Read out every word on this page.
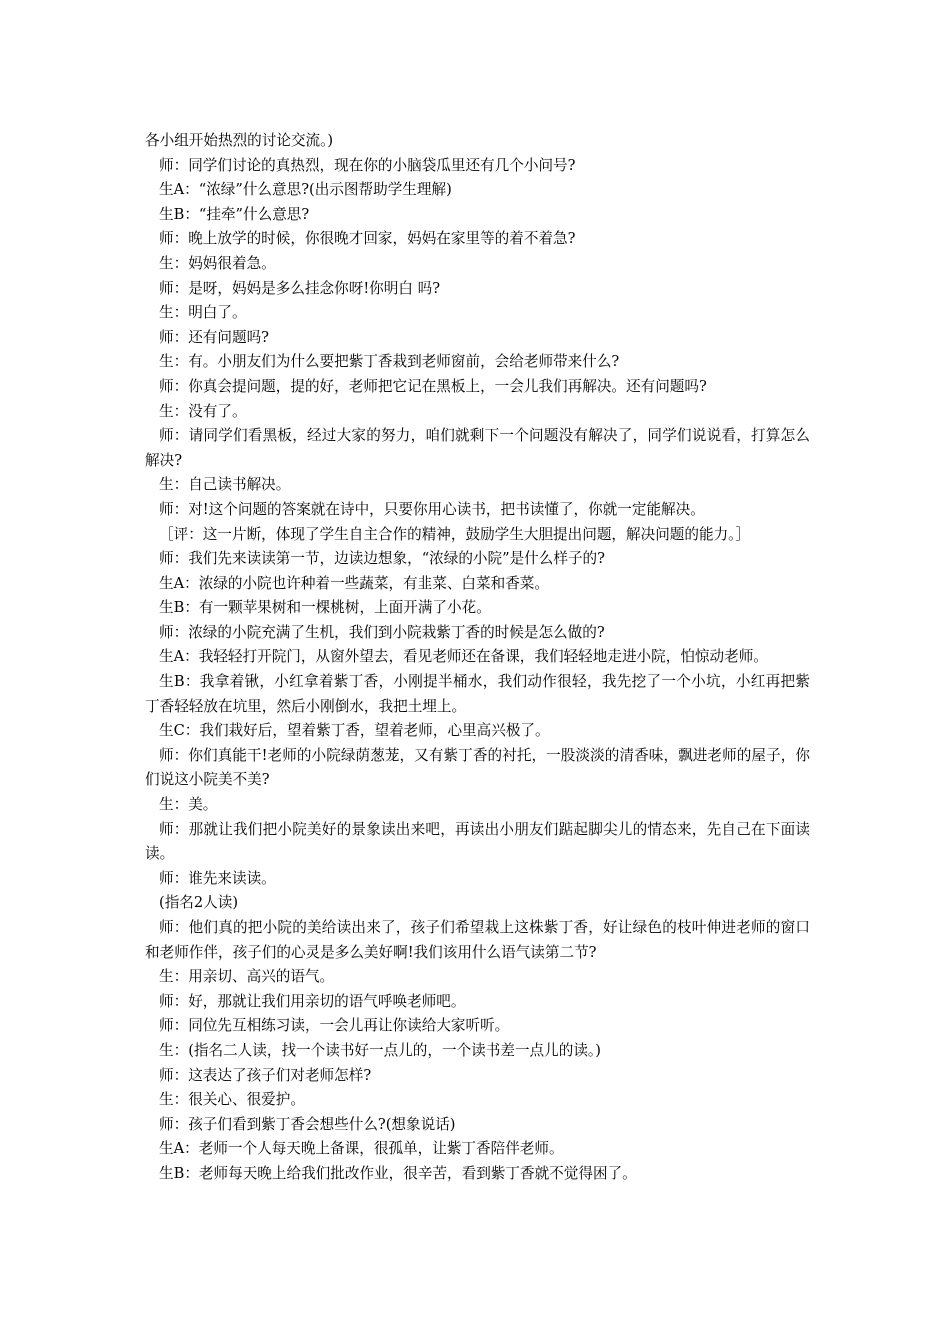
各小组开始热烈的讨论交流。)

师：同学们讨论的真热烈，现在你的小脑袋瓜里还有几个小问号?

生A：“浓绿”什么意思?(出示图帮助学生理解)

生B：“挂牵”什么意思?

师：晚上放学的时候，你很晚才回家，妈妈在家里等的着不着急?

生：妈妈很着急。

师：是呀，妈妈是多么挂念你呀!你明白 吗?

生：明白了。

师：还有问题吗?

生：有。小朋友们为什么要把紫丁香栽到老师窗前，会给老师带来什么?

师：你真会提问题，提的好，老师把它记在黑板上，一会儿我们再解决。还有问题吗?

生：没有了。

师：请同学们看黑板，经过大家的努力，咱们就剩下一个问题没有解决了，同学们说说看，打算怎么解决?

生：自己读书解决。

师：对!这个问题的答案就在诗中，只要你用心读书，把书读懂了，你就一定能解决。

［评：这一片断，体现了学生自主合作的精神，鼓励学生大胆提出问题，解决问题的能力。］

师：我们先来读读第一节，边读边想象，“浓绿的小院”是什么样子的?

生A：浓绿的小院也许种着一些蔬菜，有韭菜、白菜和香菜。

生B：有一颗苹果树和一棵桃树，上面开满了小花。

师：浓绿的小院充满了生机，我们到小院栽紫丁香的时候是怎么做的?

生A：我轻轻打开院门，从窗外望去，看见老师还在备课，我们轻轻地走进小院，怕惊动老师。

生B：我拿着锹，小红拿着紫丁香，小刚提半桶水，我们动作很轻，我先挖了一个小坑，小红再把紫丁香轻轻放在坑里，然后小刚倒水，我把土埋上。

生C：我们栽好后，望着紫丁香，望着老师，心里高兴极了。

师：你们真能干!老师的小院绿荫葱茏，又有紫丁香的衬托，一股淡淡的清香味，飘进老师的屋子，你们说这小院美不美?

生：美。

师：那就让我们把小院美好的景象读出来吧，再读出小朋友们踮起脚尖儿的情态来，先自己在下面读读。

师：谁先来读读。

(指名2人读)

师：他们真的把小院的美给读出来了，孩子们希望栽上这株紫丁香，好让绿色的枝叶伸进老师的窗口和老师作伴，孩子们的心灵是多么美好啊!我们该用什么语气读第二节?

生：用亲切、高兴的语气。

师：好，那就让我们用亲切的语气呼唤老师吧。

师：同位先互相练习读，一会儿再让你读给大家听听。

生：(指名二人读，找一个读书好一点儿的，一个读书差一点儿的读。)

师：这表达了孩子们对老师怎样?

生：很关心、很爱护。

师：孩子们看到紫丁香会想些什么?(想象说话)

生A：老师一个人每天晚上备课，很孤单，让紫丁香陪伴老师。

生B：老师每天晚上给我们批改作业，很辛苦，看到紫丁香就不觉得困了。
